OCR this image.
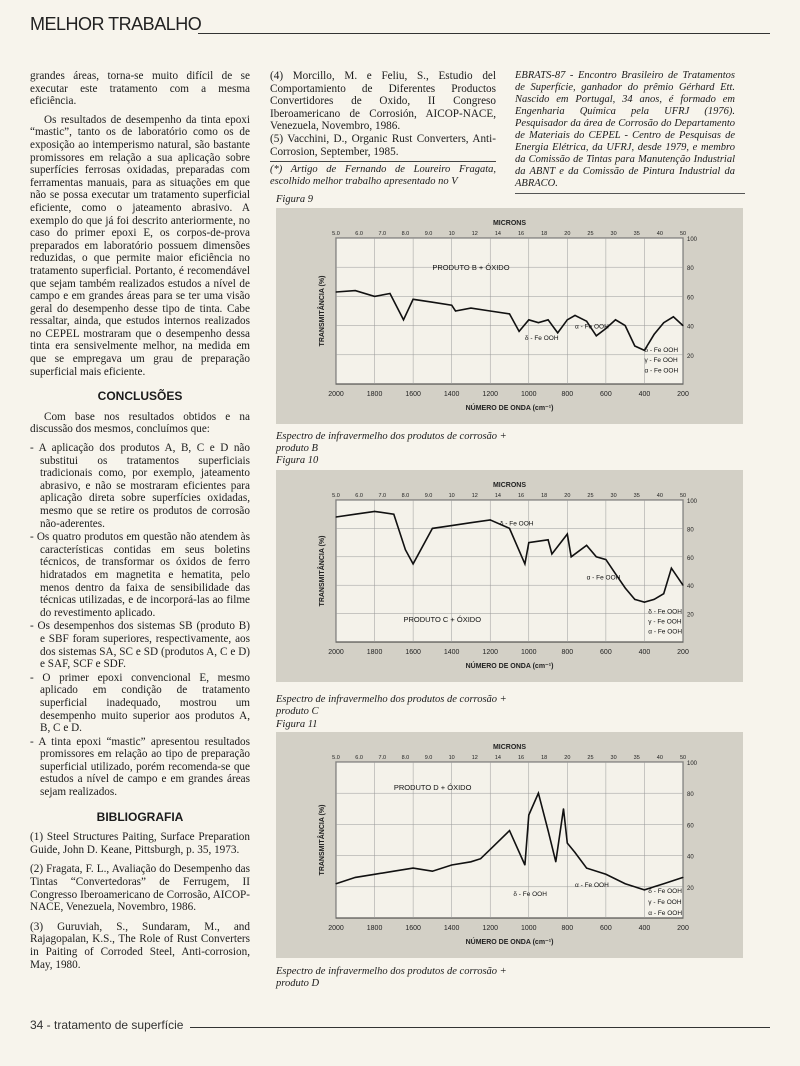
MELHOR TRABALHO

grandes áreas, torna-se muito difícil de se executar este tratamento com a mesma eficiência.

Os resultados de desempenho da tinta epoxi “mastic”, tanto os de laboratório como os de exposição ao intemperismo natural, são bastante promissores em relação a sua aplicação sobre superfícies ferrosas oxidadas, preparadas com ferramentas manuais, para as situações em que não se possa executar um tratamento superficial eficiente, como o jateamento abrasivo. A exemplo do que já foi descrito anteriormente, no caso do primer epoxi E, os corpos-de-prova preparados em laboratório possuem dimensões reduzidas, o que permite maior eficiência no tratamento superficial. Portanto, é recomendável que sejam também realizados estudos a nível de campo e em grandes áreas para se ter uma visão geral do desempenho desse tipo de tinta. Cabe ressaltar, ainda, que estudos internos realizados no CEPEL mostraram que o desempenho dessa tinta era sensivelmente melhor, na medida em que se empregava um grau de preparação superficial mais eficiente.

CONCLUSÕES

Com base nos resultados obtidos e na discussão dos mesmos, concluímos que:

- A aplicação dos produtos A, B, C e D não substitui os tratamentos superficiais tradicionais como, por exemplo, jateamento abrasivo, e não se mostraram eficientes para aplicação direta sobre superfícies oxidadas, mesmo que se retire os produtos de corrosão não-aderentes.

- Os quatro produtos em questão não atendem às características contidas em seus boletins técnicos, de transformar os óxidos de ferro hidratados em magnetita e hematita, pelo menos dentro da faixa de sensibilidade das técnicas utilizadas, e de incorporá-las ao filme do revestimento aplicado.

- Os desempenhos dos sistemas SB (produto B) e SBF foram superiores, respectivamente, aos dos sistemas SA, SC e SD (produtos A, C e D) e SAF, SCF e SDF.

- O primer epoxi convencional E, mesmo aplicado em condição de tratamento superficial inadequado, mostrou um desempenho muito superior aos produtos A, B, C e D.

- A tinta epoxi “mastic” apresentou resultados promissores em relação ao tipo de preparação superficial utilizado, porém recomenda-se que estudos a nível de campo e em grandes áreas sejam realizados.

BIBLIOGRAFIA

(1) Steel Structures Paiting, Surface Preparation Guide, John D. Keane, Pittsburgh, p. 35, 1973.

(2) Fragata, F. L., Avaliação do Desempenho das Tintas “Convertedoras” de Ferrugem, II Congresso Iberoamericano de Corrosão, AICOP-NACE, Venezuela, Novembro, 1986.

(3) Guruviah, S., Sundaram, M., and Rajagopalan, K.S., The Role of Rust Converters in Paiting of Corroded Steel, Anti-corrosion, May, 1980.

(4) Morcillo, M. e Feliu, S., Estudio del Comportamiento de Diferentes Productos Convertidores de Oxido, II Congreso Iberoamericano de Corrosión, AICOP-NACE, Venezuela, Novembro, 1986.

(5) Vacchini, D., Organic Rust Converters, Anti-Corrosion, September, 1985.

(*) Artigo de Fernando de Loureiro Fragata, escolhido melhor trabalho apresentado no V

EBRATS-87 - Encontro Brasileiro de Tratamentos de Superfície, ganhador do prêmio Gérhard Ett. Nascido em Portugal, 34 anos, é formado em Engenharia Química pela UFRJ (1976). Pesquisador da área de Corrosão do Departamento de Materiais do CEPEL - Centro de Pesquisas de Energia Elétrica, da UFRJ, desde 1979, e membro da Comissão de Tintas para Manutenção Industrial da ABNT e da Comissão de Pintura Industrial da ABRACO.

Figura 9
2000	1800	1600	1400	1200	1000	800	600	400	200
100
80
60
40
20
5.0	6.0	7.0	8.0	9.0	10	12	14	16	18	20	25	30	35	40	50
MICRONS
NÚMERO DE ONDA (cm⁻¹)
TRANSMITÂNCIA (%)
PRODUTO B + ÓXIDO
δ - Fe OOH
α - Fe OOH
δ - Fe OOH
γ - Fe OOH
α - Fe OOH
Espectro de infravermelho dos produtos de corrosão + produto B
Figura 10
2000	1800	1600	1400	1200	1000	800	600	400	200
100
80
60
40
20
5.0	6.0	7.0	8.0	9.0	10	12	14	16	18	20	25	30	35	40	50
MICRONS
NÚMERO DE ONDA (cm⁻¹)
TRANSMITÂNCIA (%)
PRODUTO C + ÓXIDO
δ - Fe OOH
α - Fe OOH
δ - Fe OOH
γ - Fe OOH
α - Fe OOH
Espectro de infravermelho dos produtos de corrosão + produto C
Figura 11
2000	1800	1600	1400	1200	1000	800	600	400	200
100
80
60
40
20
5.0	6.0	7.0	8.0	9.0	10	12	14	16	18	20	25	30	35	40	50
MICRONS
NÚMERO DE ONDA (cm⁻¹)
TRANSMITÂNCIA (%)
PRODUTO D + ÓXIDO
δ - Fe OOH
α - Fe OOH
δ - Fe OOH
γ - Fe OOH
α - Fe OOH
Espectro de infravermelho dos produtos de corrosão + produto D
34 - tratamento de superfície
